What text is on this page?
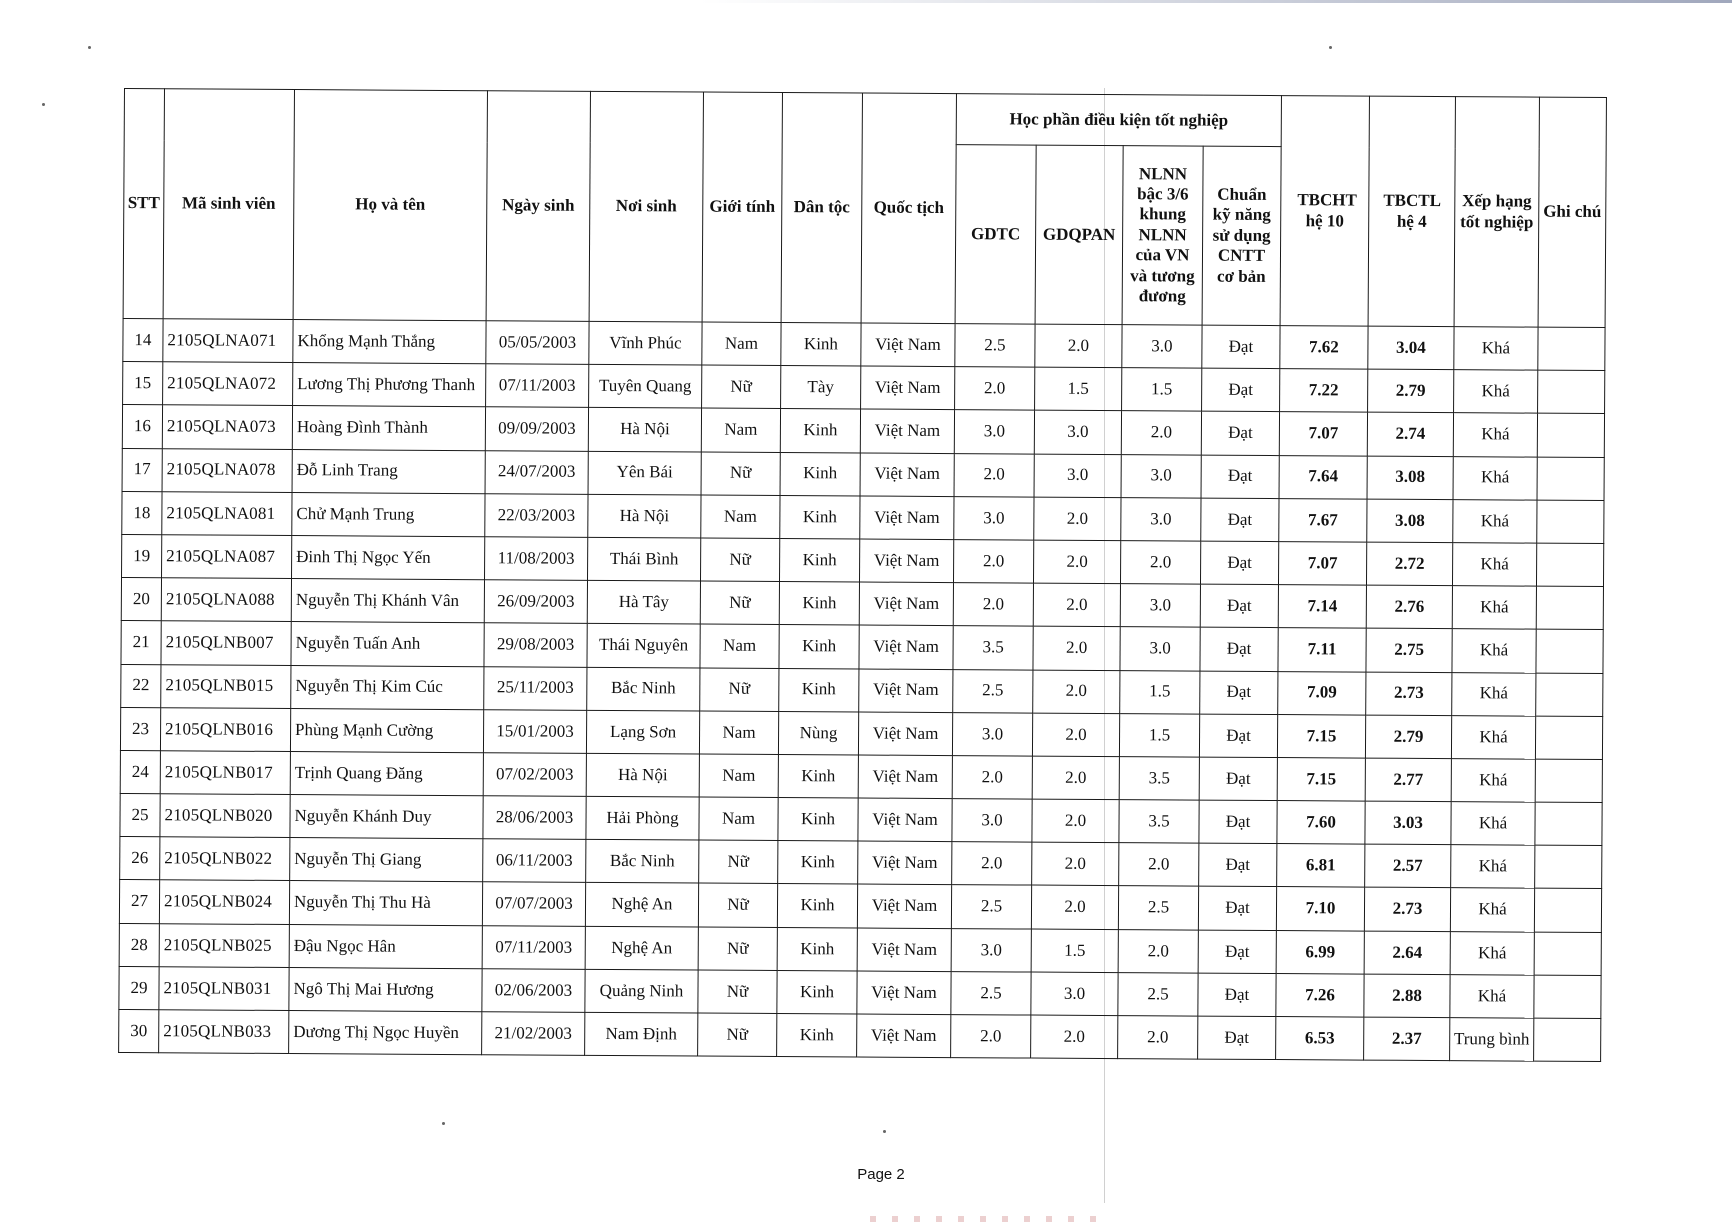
STT	Mã sinh viên	Họ và tên	Ngày sinh	Nơi sinh	Giới tính	Dân tộc	Quốc tịch	Học phần điều kiện tốt nghiệp				TBCHT hệ 10	TBCTL hệ 4	Xếp hạng tốt nghiệp	Ghi chú
								GDTC	GDQPAN	NLNN bậc 3/6 khung NLNN của VN và tương đương	Chuẩn kỹ năng sử dụng CNTT cơ bản				
14	2105QLNA071	Khổng Mạnh Thắng	05/05/2003	Vĩnh Phúc	Nam	Kinh	Việt Nam	2.5	2.0	3.0	Đạt	7.62	3.04	Khá	
15	2105QLNA072	Lương Thị Phương Thanh	07/11/2003	Tuyên Quang	Nữ	Tày	Việt Nam	2.0	1.5	1.5	Đạt	7.22	2.79	Khá	
16	2105QLNA073	Hoàng Đình Thành	09/09/2003	Hà Nội	Nam	Kinh	Việt Nam	3.0	3.0	2.0	Đạt	7.07	2.74	Khá	
17	2105QLNA078	Đỗ Linh Trang	24/07/2003	Yên Bái	Nữ	Kinh	Việt Nam	2.0	3.0	3.0	Đạt	7.64	3.08	Khá	
18	2105QLNA081	Chử Mạnh Trung	22/03/2003	Hà Nội	Nam	Kinh	Việt Nam	3.0	2.0	3.0	Đạt	7.67	3.08	Khá	
19	2105QLNA087	Đinh Thị Ngọc Yến	11/08/2003	Thái Bình	Nữ	Kinh	Việt Nam	2.0	2.0	2.0	Đạt	7.07	2.72	Khá	
20	2105QLNA088	Nguyễn Thị Khánh Vân	26/09/2003	Hà Tây	Nữ	Kinh	Việt Nam	2.0	2.0	3.0	Đạt	7.14	2.76	Khá	
21	2105QLNB007	Nguyễn Tuấn Anh	29/08/2003	Thái Nguyên	Nam	Kinh	Việt Nam	3.5	2.0	3.0	Đạt	7.11	2.75	Khá	
22	2105QLNB015	Nguyễn Thị Kim Cúc	25/11/2003	Bắc Ninh	Nữ	Kinh	Việt Nam	2.5	2.0	1.5	Đạt	7.09	2.73	Khá	
23	2105QLNB016	Phùng Mạnh Cường	15/01/2003	Lạng Sơn	Nam	Nùng	Việt Nam	3.0	2.0	1.5	Đạt	7.15	2.79	Khá	
24	2105QLNB017	Trịnh Quang Đăng	07/02/2003	Hà Nội	Nam	Kinh	Việt Nam	2.0	2.0	3.5	Đạt	7.15	2.77	Khá	
25	2105QLNB020	Nguyễn Khánh Duy	28/06/2003	Hải Phòng	Nam	Kinh	Việt Nam	3.0	2.0	3.5	Đạt	7.60	3.03	Khá	
26	2105QLNB022	Nguyễn Thị Giang	06/11/2003	Bắc Ninh	Nữ	Kinh	Việt Nam	2.0	2.0	2.0	Đạt	6.81	2.57	Khá	
27	2105QLNB024	Nguyễn Thị Thu Hà	07/07/2003	Nghệ An	Nữ	Kinh	Việt Nam	2.5	2.0	2.5	Đạt	7.10	2.73	Khá	
28	2105QLNB025	Đậu Ngọc Hân	07/11/2003	Nghệ An	Nữ	Kinh	Việt Nam	3.0	1.5	2.0	Đạt	6.99	2.64	Khá	
29	2105QLNB031	Ngô Thị Mai Hương	02/06/2003	Quảng Ninh	Nữ	Kinh	Việt Nam	2.5	3.0	2.5	Đạt	7.26	2.88	Khá	
30	2105QLNB033	Dương Thị Ngọc Huyền	21/02/2003	Nam Định	Nữ	Kinh	Việt Nam	2.0	2.0	2.0	Đạt	6.53	2.37	Trung bình	
Page 2
